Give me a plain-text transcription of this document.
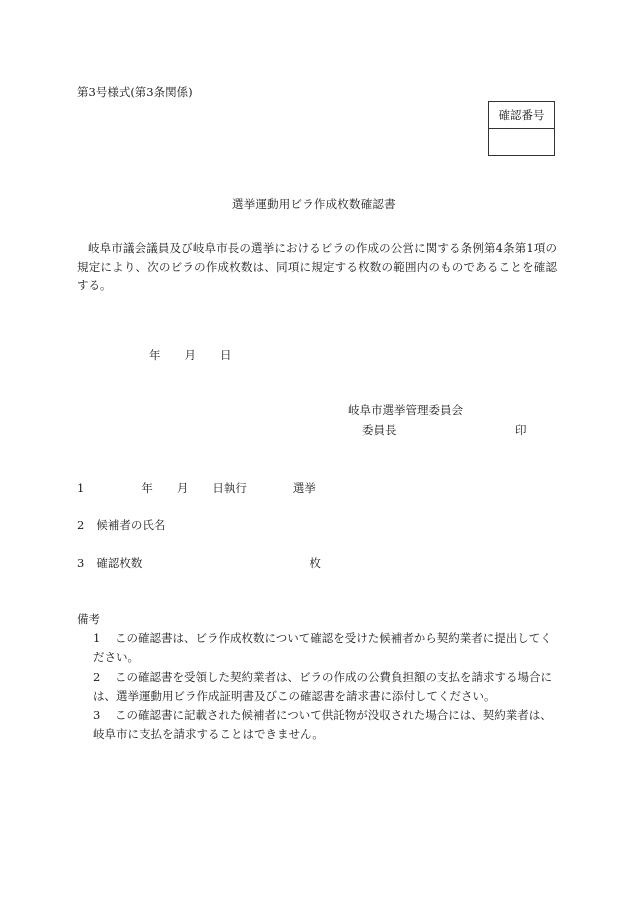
第3号様式(第3条関係)
確認番号
選挙運動用ビラ作成枚数確認書
岐阜市議会議員及び岐阜市長の選挙におけるビラの作成の公営に関する条例第4条第1項の規定により、次のビラの作成枚数は、同項に規定する枚数の範囲内のものであることを確認する。
年 月 日
岐阜市選挙管理委員会
委員長	印
1	年 月 日執行	選挙
2 候補者の氏名
3 確認枚数	枚
備考
1 この確認書は、ビラ作成枚数について確認を受けた候補者から契約業者に提出してく
ださい。
2 この確認書を受領した契約業者は、ビラの作成の公費負担額の支払を請求する場合に
は、選挙運動用ビラ作成証明書及びこの確認書を請求書に添付してください。
3 この確認書に記載された候補者について供託物が没収された場合には、契約業者は、
岐阜市に支払を請求することはできません。
